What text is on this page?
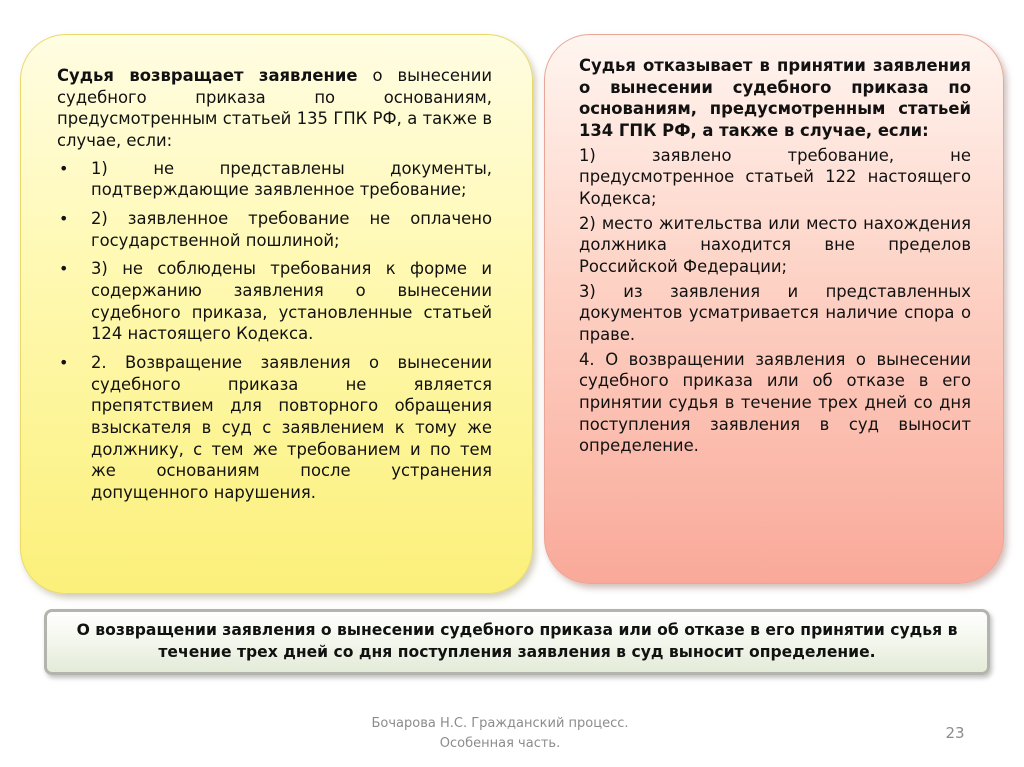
Судья возвращает заявление о вынесении судебного приказа по основаниям, предусмотренным статьей 135 ГПК РФ, а также в случае, если:

• 1) не представлены документы, подтверждающие заявленное требование;
• 2) заявленное требование не оплачено государственной пошлиной;
• 3) не соблюдены требования к форме и содержанию заявления о вынесении судебного приказа, установленные статьей 124 настоящего Кодекса.
• 2. Возвращение заявления о вынесении судебного приказа не является препятствием для повторного обращения взыскателя в суд с заявлением к тому же должнику, с тем же требованием и по тем же основаниям после устранения допущенного нарушения.

Судья отказывает в принятии заявления о вынесении судебного приказа по основаниям, предусмотренным статьей 134 ГПК РФ, а также в случае, если:

1) заявлено требование, не предусмотренное статьей 122 настоящего Кодекса;

2) место жительства или место нахождения должника находится вне пределов Российской Федерации;

3) из заявления и представленных документов усматривается наличие спора о праве.

4. О возвращении заявления о вынесении судебного приказа или об отказе в его принятии судья в течение трех дней со дня поступления заявления в суд выносит определение.

О возвращении заявления о вынесении судебного приказа или об отказе в его принятии судья в течение трех дней со дня поступления заявления в суд выносит определение.
Бочарова Н.С. Гражданский процесс.
Особенная часть.
23
